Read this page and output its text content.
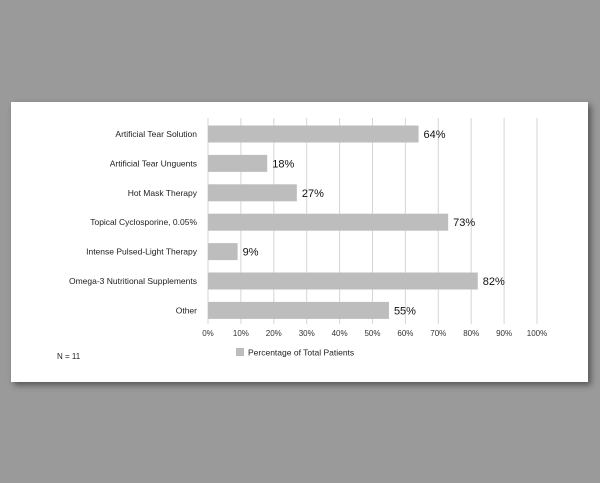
0% 10% 20% 30% 40% 50% 60% 70% 80% 90% 100%
Artificial Tear Solution	64%
Artificial Tear Unguents	18%
Hot Mask Therapy	27%
Topical Cyclosporine, 0.05%	73%
Intense Pulsed-Light Therapy	9%
Omega-3 Nutritional Supplements	82%
Other	55%
Percentage of Total Patients
N = 11
